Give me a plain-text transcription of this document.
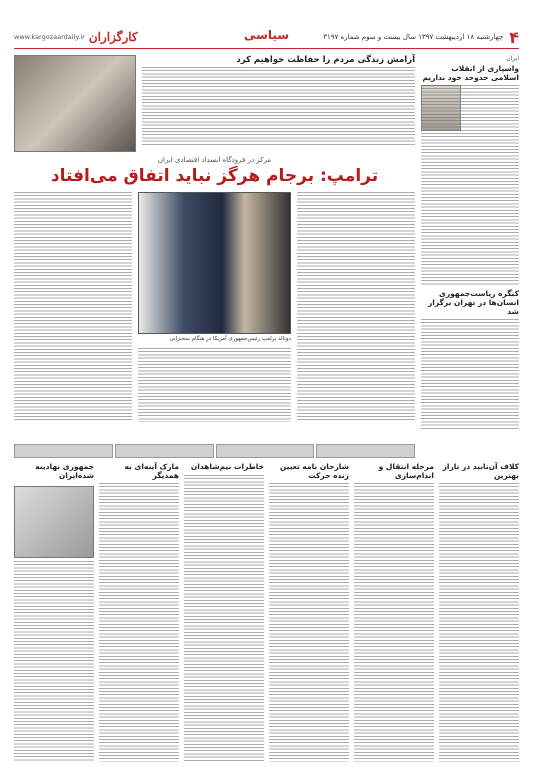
۴
چهارشنبه ۱۸ اردیبهشت ۱۳۹۷ سال بیست و سوم شماره ۳۱۹۷
سیاسی
www.kargozaardaily.ir کارگزاران

ایران

واسپاری از انقلاب اسلامی حدوحد خود نداریم

کنگره ریاست‌جمهوری انسان‌ها در تهران برگزار شد

آرامش زندگی مردم را حفاظت خواهیم کرد

مرکز در فرودگاه انسداد اقتصادی ایران

ترامپ: برجام هرگز نباید اتفاق می‌افتاد

دونالد ترامپ رئیس‌جمهوری آمریکا در هنگام سخنرانی

کلاف آن‌نابید در تاراز بهترین

مرحله انتقال و اندام‌سازی

شارحان نامه تعیین زنده حرکت

خاطرات نیم‌شاهدان

مارک آینه‌ای به همدیگر

جمهوری نهادینه شده‌ایران
